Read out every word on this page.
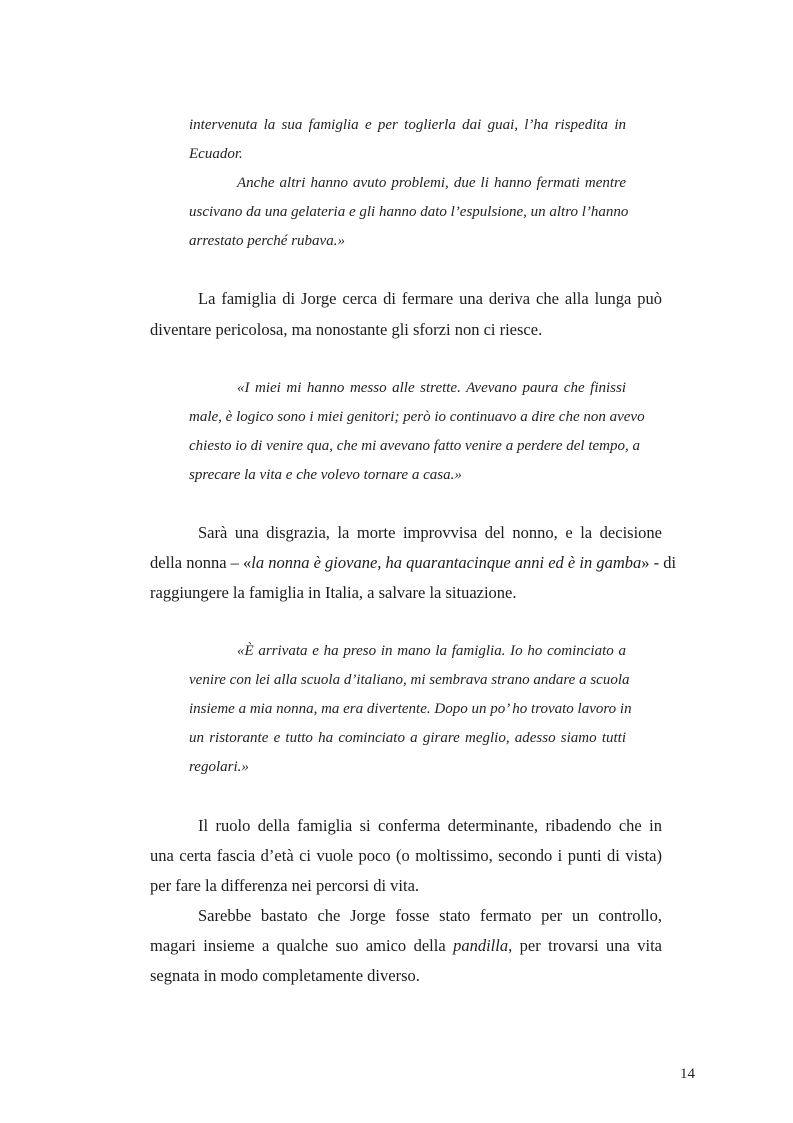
intervenuta la sua famiglia e per toglierla dai guai, l’ha rispedita in
Ecuador.
Anche altri hanno avuto problemi, due li hanno fermati mentre
uscivano da una gelateria e gli hanno dato l’espulsione, un altro l’hanno
arrestato perché rubava.»
La famiglia di Jorge cerca di fermare una deriva che alla lunga può
diventare pericolosa, ma nonostante gli sforzi non ci riesce.
«I miei mi hanno messo alle strette. Avevano paura che finissi
male, è logico sono i miei genitori; però io continuavo a dire che non avevo
chiesto io di venire qua, che mi avevano fatto venire a perdere del tempo, a
sprecare la vita e che volevo tornare a casa.»
Sarà una disgrazia, la morte improvvisa del nonno, e la decisione
della nonna – «la nonna è giovane, ha quarantacinque anni ed è in gamba» - di
raggiungere la famiglia in Italia, a salvare la situazione.
«È arrivata e ha preso in mano la famiglia. Io ho cominciato a
venire con lei alla scuola d’italiano, mi sembrava strano andare a scuola
insieme a mia nonna, ma era divertente. Dopo un po’ ho trovato lavoro in
un ristorante e tutto ha cominciato a girare meglio, adesso siamo tutti
regolari.»
Il ruolo della famiglia si conferma determinante, ribadendo che in
una certa fascia d’età ci vuole poco (o moltissimo, secondo i punti di vista)
per fare la differenza nei percorsi di vita.
Sarebbe bastato che Jorge fosse stato fermato per un controllo,
magari insieme a qualche suo amico della pandilla, per trovarsi una vita
segnata in modo completamente diverso.
14
